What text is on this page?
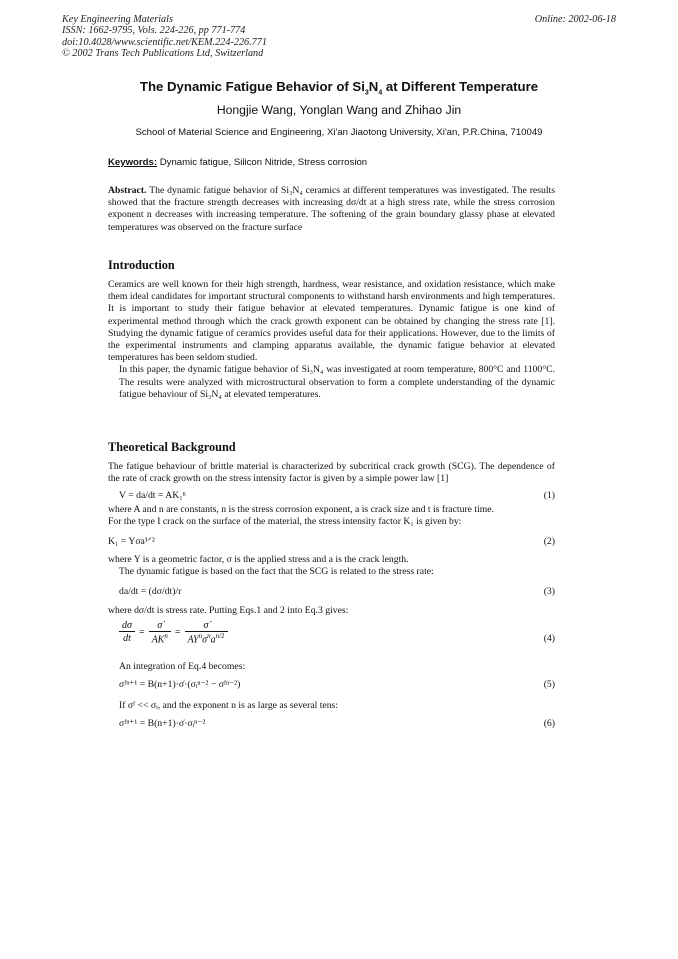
Key Engineering Materials
ISSN: 1662-9795, Vols. 224-226, pp 771-774
doi:10.4028/www.scientific.net/KEM.224-226.771
© 2002 Trans Tech Publications Ltd, Switzerland
Online: 2002-06-18
The Dynamic Fatigue Behavior of $Si_3N_4$ at Different Temperature
Hongjie Wang, Yonglan Wang and Zhihao Jin
School of Material Science and Engineering, Xi'an Jiaotong University, Xi'an, P.R.China, 710049
Keywords: Dynamic fatigue, Silicon Nitride, Stress corrosion
Abstract. The dynamic fatigue behavior of Si₃N₄ ceramics at different temperatures was investigated. The results showed that the fracture strength decreases with increasing dσ/dt at a high stress rate, while the stress corrosion exponent n decreases with increasing temperature. The softening of the grain boundary glassy phase at elevated temperatures was observed on the fracture surface
Introduction
Ceramics are well known for their high strength, hardness, wear resistance, and oxidation resistance, which make them ideal candidates for important structural components to withstand harsh environments and high temperatures. It is important to study their fatigue behavior at elevated temperatures. Dynamic fatigue is one kind of experimental method through which the crack growth exponent can be obtained by changing the stress rate [1]. Studying the dynamic fatigue of ceramics provides useful data for their applications. However, due to the limits of the experimental instruments and clamping apparatus available, the dynamic fatigue behavior at elevated temperatures has been seldom studied.
In this paper, the dynamic fatigue behavior of Si₃N₄ was investigated at room temperature, 800°C and 1100°C. The results were analyzed with microstructural observation to form a complete understanding of the dynamic fatigue behaviour of Si₃N₄ at elevated temperatures.
Theoretical Background
The fatigue behaviour of brittle material is characterized by subcritical crack growth (SCG). The dependence of the rate of crack growth on the stress intensity factor is given by a simple power law [1]
V = da/dt = AK₁ⁿ	(1)
where A and n are constants, n is the stress corrosion exponent, a is crack size and t is fracture time.
For the type I crack on the surface of the material, the stress intensity factor K₁ is given by:
K₁ = Yσa¹ᐟ²	(2)
where Y is a geometric factor, σ is the applied stress and a is the crack length.
The dynamic fatigue is based on the fact that the SCG is related to the stress rate:
da/dt = (dσ/dt)/r	(3)
where dσ/dt is stress rate. Putting Eqs.1 and 2 into Eq.3 gives:
dσ	=	σ̇	=	σ̇
dt		$AK^n$		$AY^n\sigma^na^{n/2}$	(4)
An integration of Eq.4 becomes:
σᶠⁿ⁺¹ = B(n+1)·σ̇·(σᵢⁿ⁻² − σᶠⁿ⁻²)	(5)
If σᶠ << σᵢ, and the exponent n is as large as several tens:
σᶠⁿ⁺¹ = B(n+1)·σ̇·σᵢⁿ⁻²	(6)
